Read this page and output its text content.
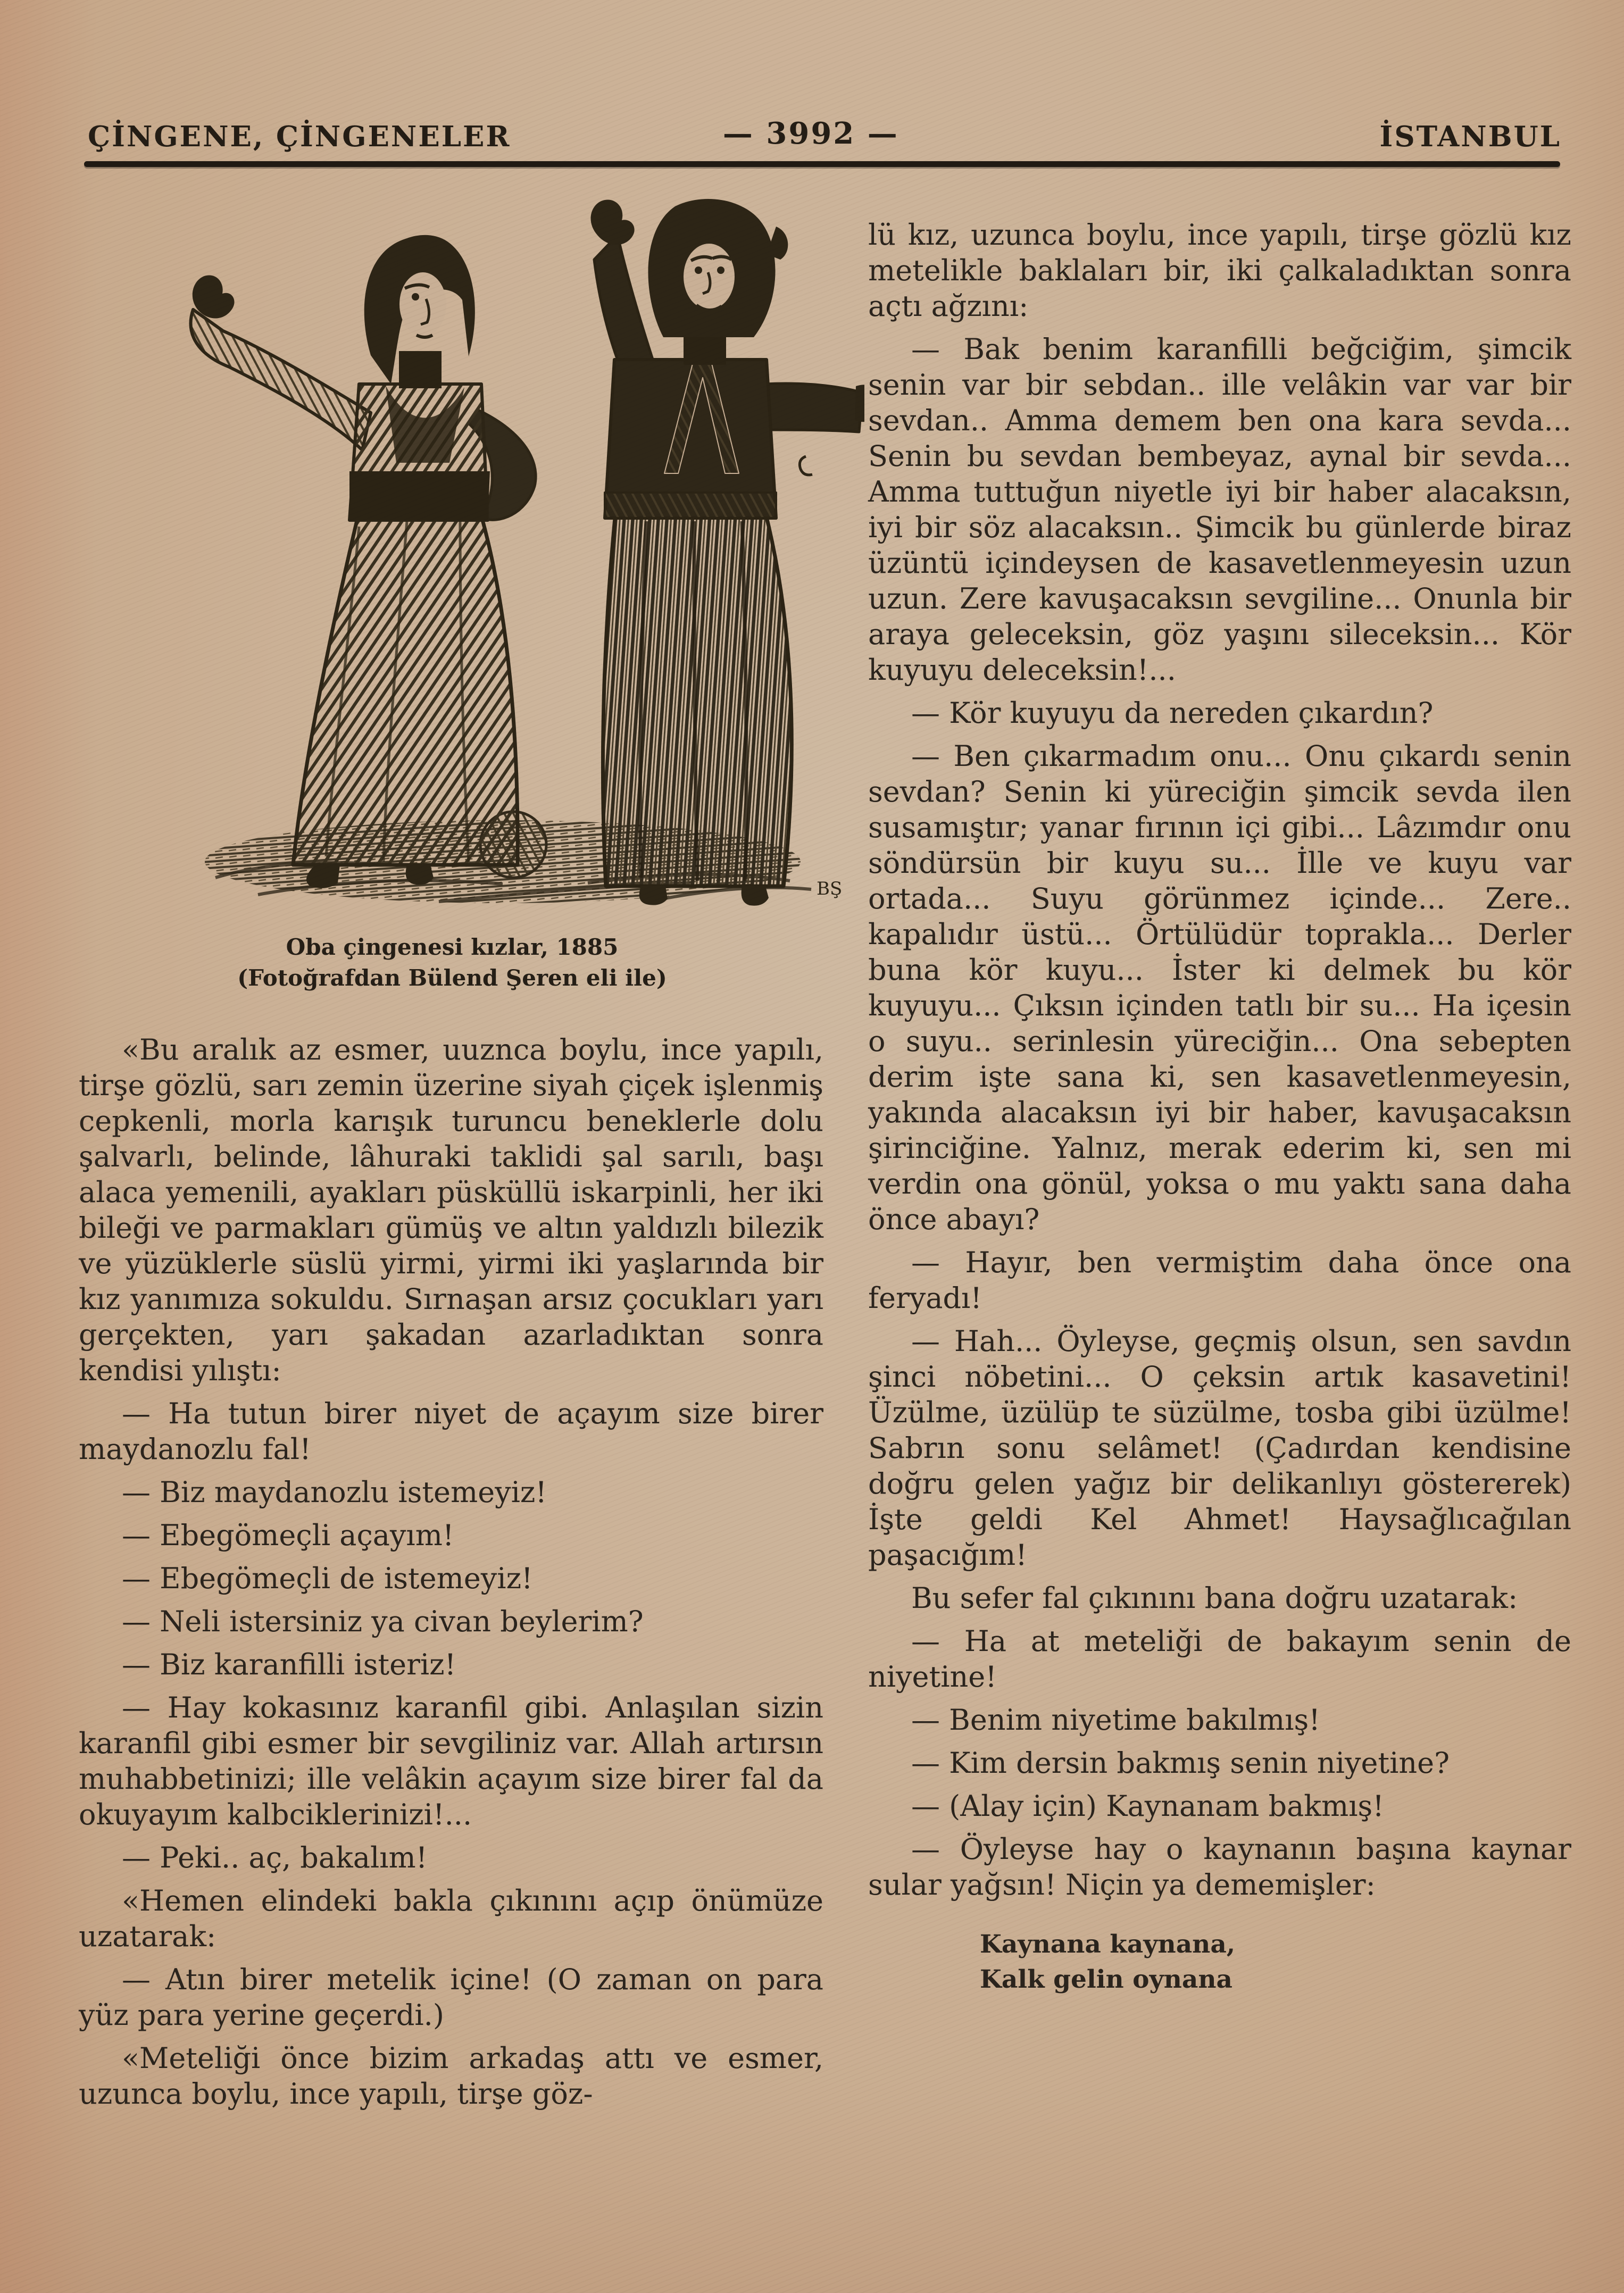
ÇİNGENE, ÇİNGENELER	— 3992 —	İSTANBUL
BŞ
Oba çingenesi kızlar, 1885
(Fotoğrafdan Bülend Şeren eli ile)

«Bu aralık az esmer, uuznca boylu, ince yapılı, tirşe gözlü, sarı zemin üzerine siyah çiçek işlenmiş cepkenli, morla karışık turuncu beneklerle dolu şalvarlı, belinde, lâhuraki taklidi şal sarılı, başı alaca yemenili, ayakları püsküllü iskarpinli, her iki bileği ve parmakları gümüş ve altın yaldızlı bilezik ve yüzüklerle süslü yirmi, yirmi iki yaşlarında bir kız yanımıza sokuldu. Sırnaşan arsız çocukları yarı gerçekten, yarı şakadan azarladıktan sonra kendisi yılıştı:

— Ha tutun birer niyet de açayım size birer maydanozlu fal!

— Biz maydanozlu istemeyiz!

— Ebegömeçli açayım!

— Ebegömeçli de istemeyiz!

— Neli istersiniz ya civan beylerim?

— Biz karanfilli isteriz!

— Hay kokasınız karanfil gibi. Anlaşılan sizin karanfil gibi esmer bir sevgiliniz var. Allah artırsın muhabbetinizi; ille velâkin açayım size birer fal da okuyayım kalbciklerinizi!...

— Peki.. aç, bakalım!

«Hemen elindeki bakla çıkınını açıp önümüze uzatarak:

— Atın birer metelik içine! (O zaman on para yüz para yerine geçerdi.)

«Meteliği önce bizim arkadaş attı ve esmer, uzunca boylu, ince yapılı, tirşe göz-

lü kız, uzunca boylu, ince yapılı, tirşe gözlü kız metelikle baklaları bir, iki çalkaladıktan sonra açtı ağzını:

— Bak benim karanfilli beğciğim, şimcik senin var bir sebdan.. ille velâkin var var bir sevdan.. Amma demem ben ona kara sevda... Senin bu sevdan bembeyaz, aynal bir sevda... Amma tuttuğun niyetle iyi bir haber alacaksın, iyi bir söz alacaksın.. Şimcik bu günlerde biraz üzüntü içindeysen de kasavetlenmeyesin uzun uzun. Zere kavuşacaksın sevgiline... Onunla bir araya geleceksin, göz yaşını sileceksin... Kör kuyuyu deleceksin!...

— Kör kuyuyu da nereden çıkardın?

— Ben çıkarmadım onu... Onu çıkardı senin sevdan? Senin ki yüreciğin şimcik sevda ilen susamıştır; yanar fırının içi gibi... Lâzımdır onu söndürsün bir kuyu su... İlle ve kuyu var ortada... Suyu görünmez içinde... Zere.. kapalıdır üstü... Örtülüdür toprakla... Derler buna kör kuyu... İster ki delmek bu kör kuyuyu... Çıksın içinden tatlı bir su... Ha içesin o suyu.. serinlesin yüreciğin... Ona sebepten derim işte sana ki, sen kasavetlenmeyesin, yakında alacaksın iyi bir haber, kavuşacaksın şirinciğine. Yalnız, merak ederim ki, sen mi verdin ona gönül, yoksa o mu yaktı sana daha önce abayı?

— Hayır, ben vermiştim daha önce ona feryadı!

— Hah... Öyleyse, geçmiş olsun, sen savdın şinci nöbetini... O çeksin artık kasavetini! Üzülme, üzülüp te süzülme, tosba gibi üzülme! Sabrın sonu selâmet! (Çadırdan kendisine doğru gelen yağız bir delikanlıyı göstererek) İşte geldi Kel Ahmet! Haysağlıcağılan paşacığım!

Bu sefer fal çıkınını bana doğru uzatarak:

— Ha at meteliği de bakayım senin de niyetine!

— Benim niyetime bakılmış!

— Kim dersin bakmış senin niyetine?

— (Alay için) Kaynanam bakmış!

— Öyleyse hay o kaynanın başına kaynar sular yağsın! Niçin ya dememişler:

Kaynana kaynana,

Kalk gelin oynana
